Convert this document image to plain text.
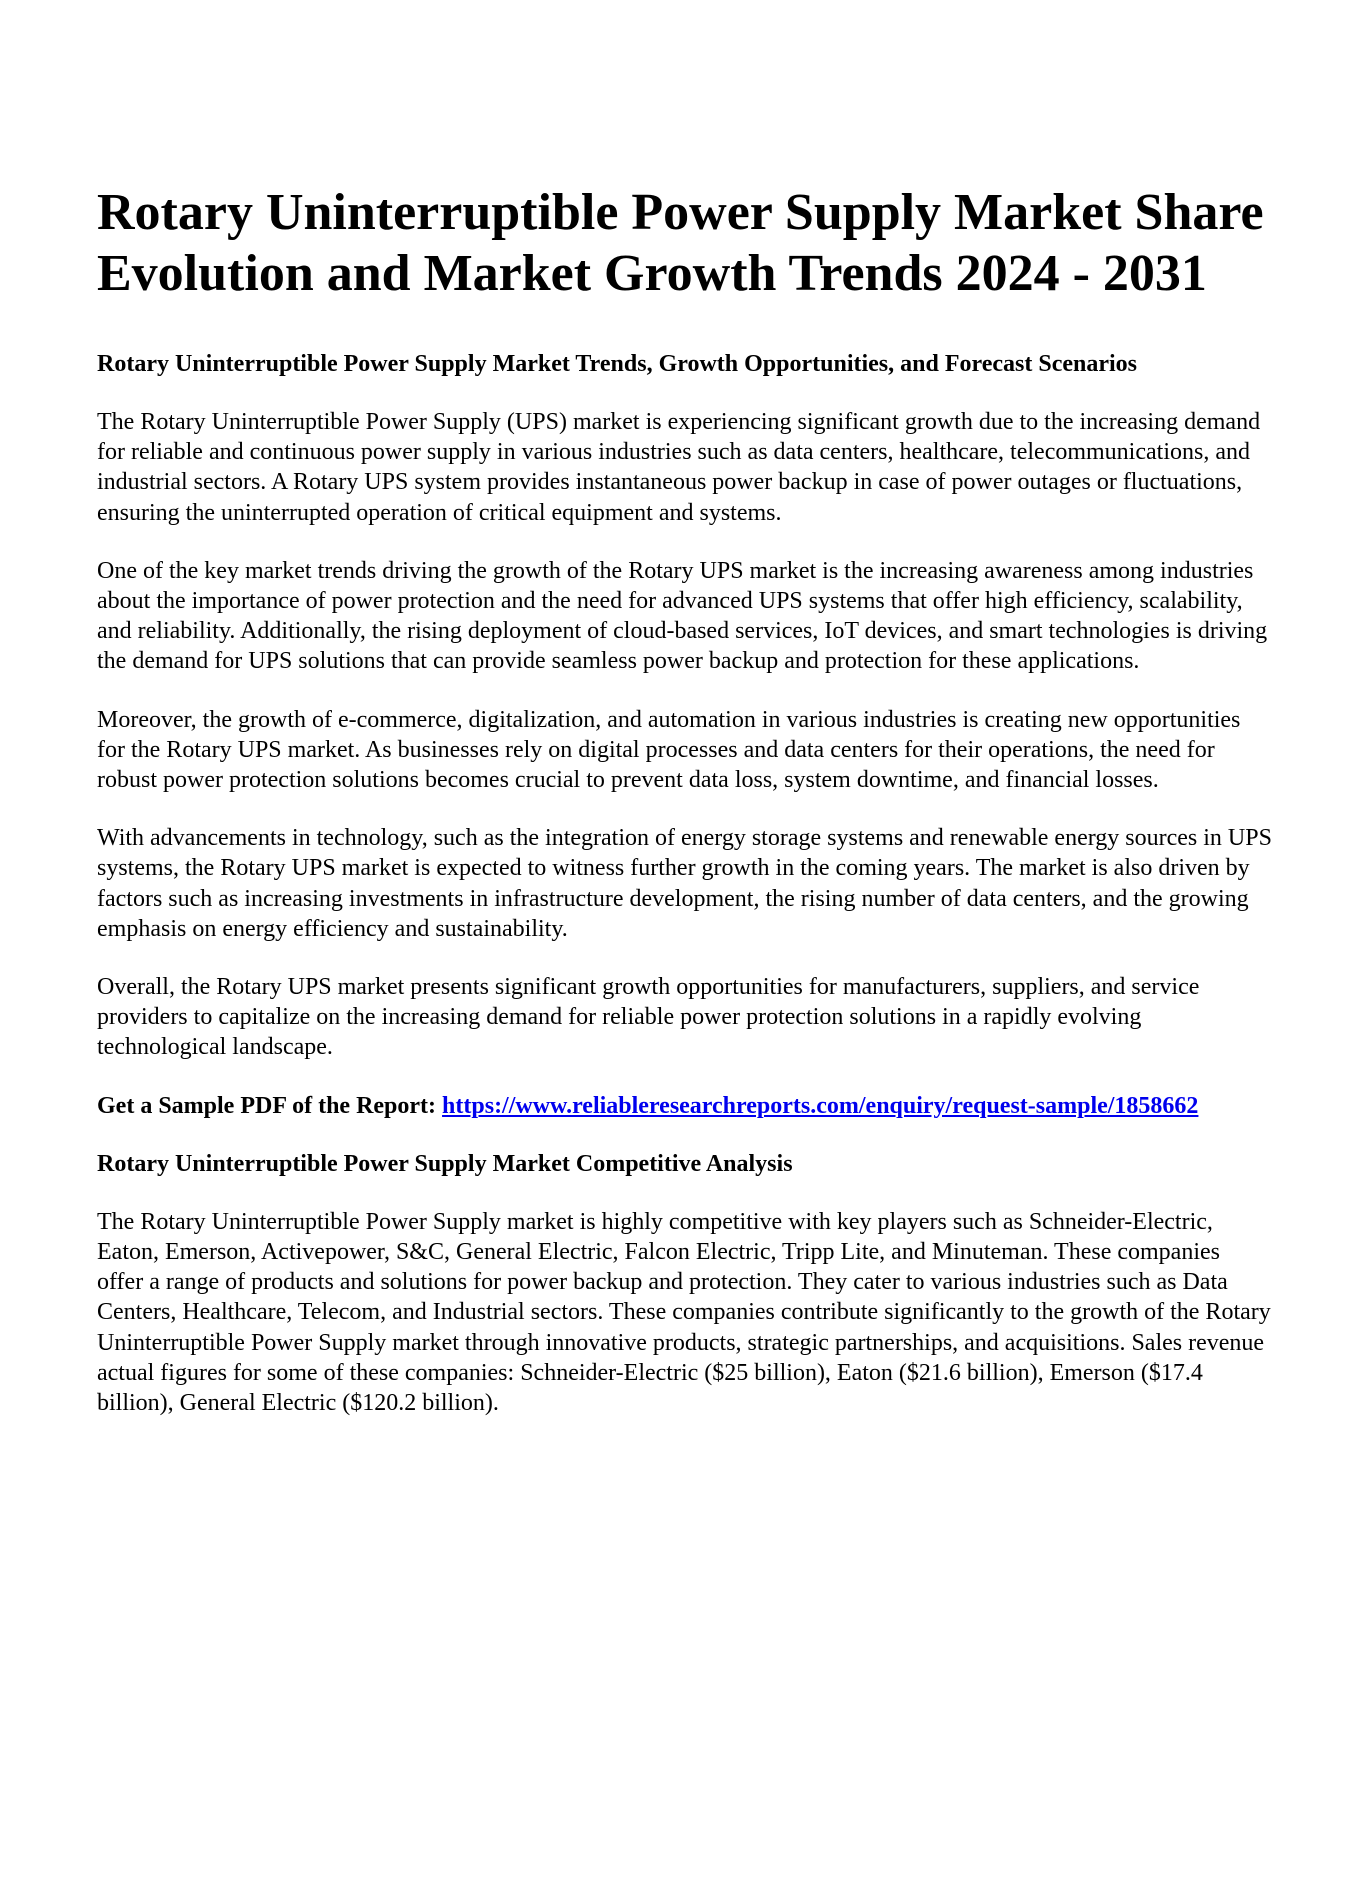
Rotary Uninterruptible Power Supply Market Share Evolution and Market Growth Trends 2024 - 2031
Rotary Uninterruptible Power Supply Market Trends, Growth Opportunities, and Forecast Scenarios

The Rotary Uninterruptible Power Supply (UPS) market is experiencing significant growth due to the increasing demand for reliable and continuous power supply in various industries such as data centers, healthcare, telecommunications, and industrial sectors. A Rotary UPS system provides instantaneous power backup in case of power outages or fluctuations, ensuring the uninterrupted operation of critical equipment and systems.

One of the key market trends driving the growth of the Rotary UPS market is the increasing awareness among industries about the importance of power protection and the need for advanced UPS systems that offer high efficiency, scalability, and reliability. Additionally, the rising deployment of cloud-based services, IoT devices, and smart technologies is driving the demand for UPS solutions that can provide seamless power backup and protection for these applications.

Moreover, the growth of e-commerce, digitalization, and automation in various industries is creating new opportunities for the Rotary UPS market. As businesses rely on digital processes and data centers for their operations, the need for robust power protection solutions becomes crucial to prevent data loss, system downtime, and financial losses.

With advancements in technology, such as the integration of energy storage systems and renewable energy sources in UPS systems, the Rotary UPS market is expected to witness further growth in the coming years. The market is also driven by factors such as increasing investments in infrastructure development, the rising number of data centers, and the growing emphasis on energy efficiency and sustainability.

Overall, the Rotary UPS market presents significant growth opportunities for manufacturers, suppliers, and service providers to capitalize on the increasing demand for reliable power protection solutions in a rapidly evolving technological landscape.

Get a Sample PDF of the Report: https://www.reliableresearchreports.com/enquiry/request-sample/1858662

Rotary Uninterruptible Power Supply Market Competitive Analysis

The Rotary Uninterruptible Power Supply market is highly competitive with key players such as Schneider-Electric, Eaton, Emerson, Activepower, S&C, General Electric, Falcon Electric, Tripp Lite, and Minuteman. These companies offer a range of products and solutions for power backup and protection. They cater to various industries such as Data Centers, Healthcare, Telecom, and Industrial sectors. These companies contribute significantly to the growth of the Rotary Uninterruptible Power Supply market through innovative products, strategic partnerships, and acquisitions. Sales revenue actual figures for some of these companies: Schneider-Electric ($25 billion), Eaton ($21.6 billion), Emerson ($17.4 billion), General Electric ($120.2 billion).
